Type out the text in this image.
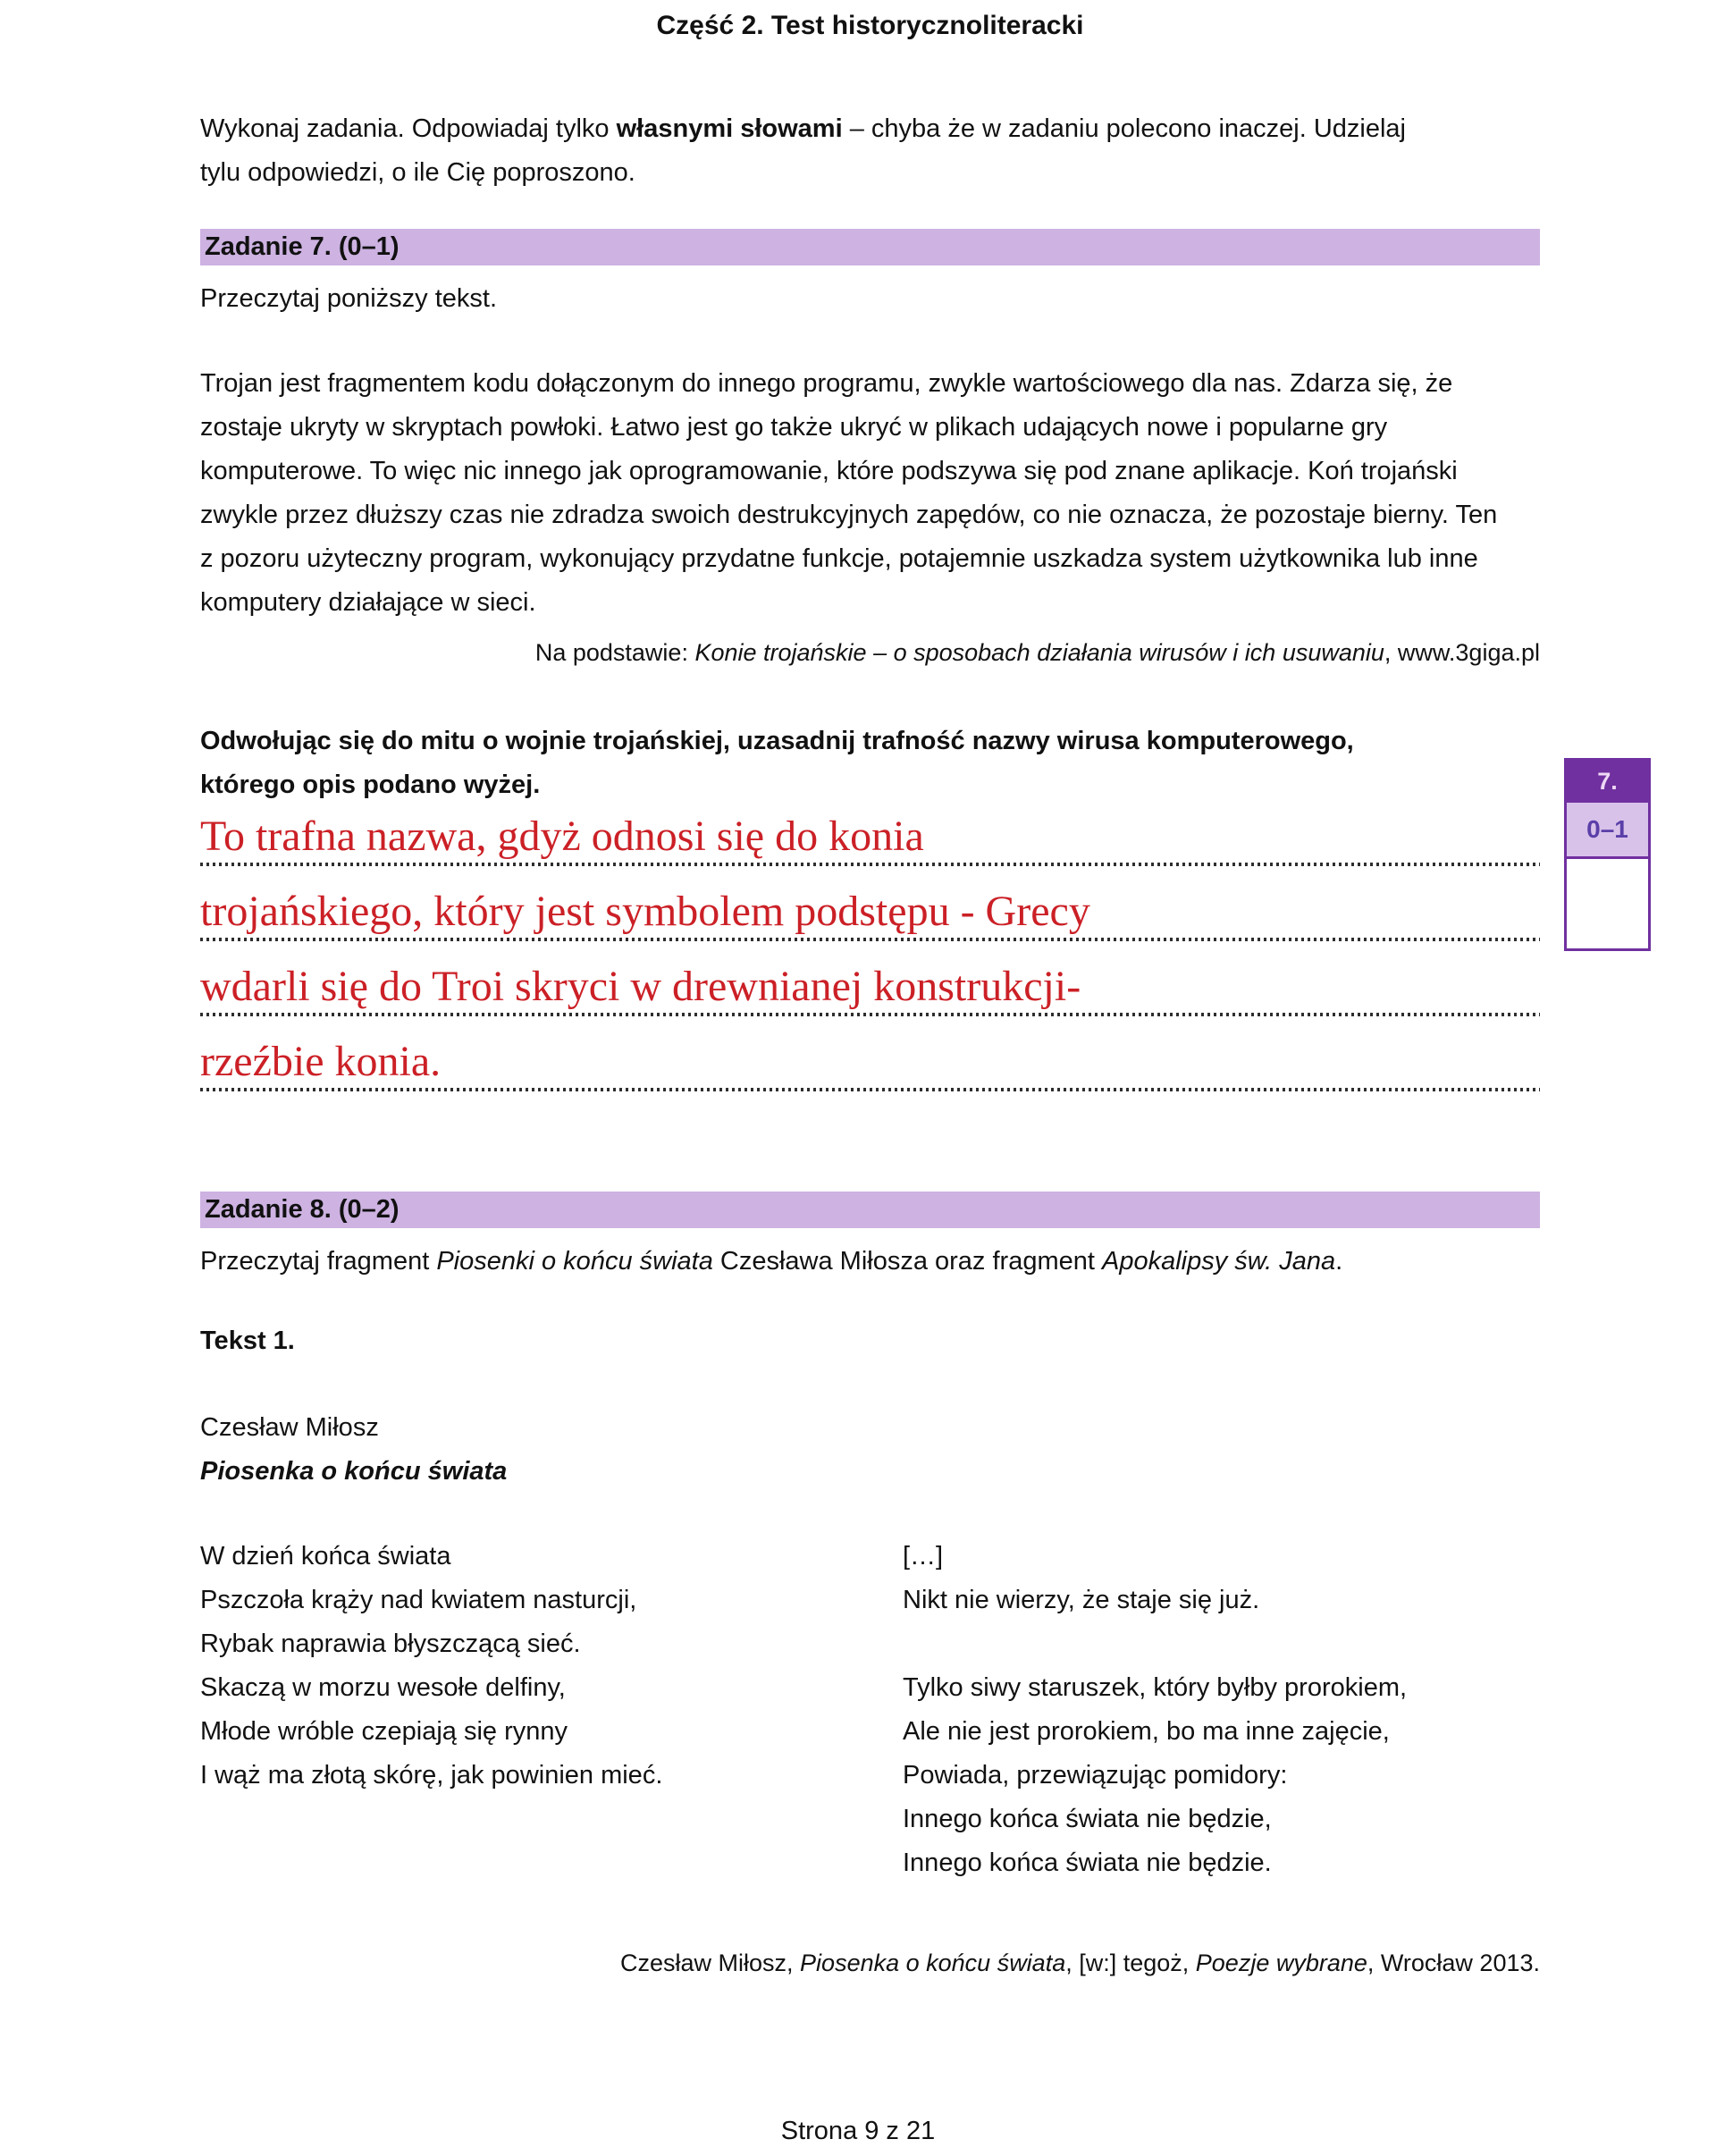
Część 2. Test historycznoliteracki
Wykonaj zadania. Odpowiadaj tylko własnymi słowami – chyba że w zadaniu polecono inaczej. Udzielaj tylu odpowiedzi, o ile Cię poproszono.
Zadanie 7. (0–1)
Przeczytaj poniższy tekst.
Trojan jest fragmentem kodu dołączonym do innego programu, zwykle wartościowego dla nas. Zdarza się, że zostaje ukryty w skryptach powłoki. Łatwo jest go także ukryć w plikach udających nowe i popularne gry komputerowe. To więc nic innego jak oprogramowanie, które podszywa się pod znane aplikacje. Koń trojański zwykle przez dłuższy czas nie zdradza swoich destrukcyjnych zapędów, co nie oznacza, że pozostaje bierny. Ten z pozoru użyteczny program, wykonujący przydatne funkcje, potajemnie uszkadza system użytkownika lub inne komputery działające w sieci.
Na podstawie: Konie trojańskie – o sposobach działania wirusów i ich usuwaniu, www.3giga.pl
Odwołując się do mitu o wojnie trojańskiej, uzasadnij trafność nazwy wirusa komputerowego, którego opis podano wyżej.
To trafna nazwa, gdyż odnosi się do konia
trojańskiego, który jest symbolem podstępu - Grecy
wdarli się do Troi skryci w drewnianej konstrukcji-
rzeźbie konia.
Zadanie 8. (0–2)
Przeczytaj fragment Piosenki o końcu świata Czesława Miłosza oraz fragment Apokalipsy św. Jana.
Tekst 1.
Czesław Miłosz
Piosenka o końcu świata
W dzień końca świata
Pszczoła krąży nad kwiatem nasturcji,
Rybak naprawia błyszczącą sieć.
Skaczą w morzu wesołe delfiny,
Młode wróble czepiają się rynny
I wąż ma złotą skórę, jak powinien mieć.
[…]
Nikt nie wierzy, że staje się już.
Tylko siwy staruszek, który byłby prorokiem,
Ale nie jest prorokiem, bo ma inne zajęcie,
Powiada, przewiązując pomidory:
Innego końca świata nie będzie,
Innego końca świata nie będzie.
Czesław Miłosz, Piosenka o końcu świata, [w:] tegoż, Poezje wybrane, Wrocław 2013.
7.
0–1
Strona 9 z 21
